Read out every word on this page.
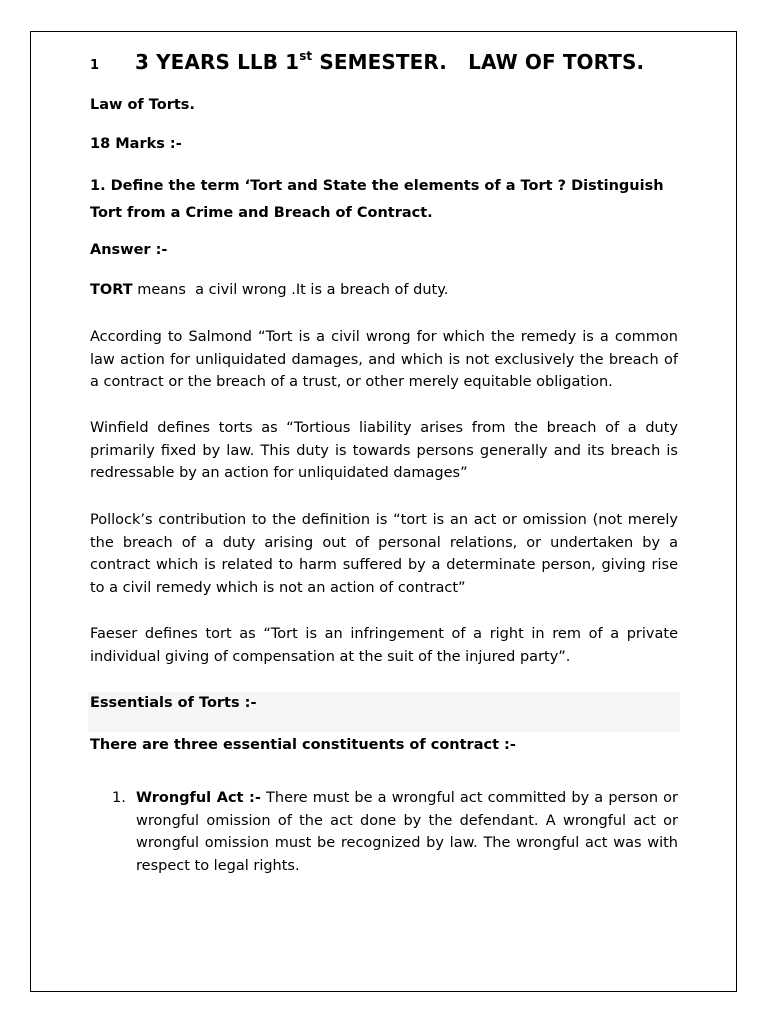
1 3 YEARS LLB 1st SEMESTER.   LAW OF TORTS.

Law of Torts.

18 Marks :-

1. Define the term ‘Tort and State the elements of a Tort ? Distinguish Tort from a Crime and Breach of Contract.

Answer :-

TORT means  a civil wrong .It is a breach of duty.

According to Salmond “Tort is a civil wrong for which the remedy is a common law action for unliquidated damages, and which is not exclusively the breach of a contract or the breach of a trust, or other merely equitable obligation.

Winfield defines torts as “Tortious liability arises from the breach of a duty primarily fixed by law. This duty is towards persons generally and its breach is redressable by an action for unliquidated damages”

Pollock’s contribution to the definition is “tort is an act or omission (not merely the breach of a duty arising out of personal relations, or undertaken by a contract which is related to harm suffered by a determinate person, giving rise to a civil remedy which is not an action of contract”

Faeser defines tort as “Tort is an infringement of a right in rem of a private individual giving of compensation at the suit of the injured party”.

Essentials of Torts :-

There are three essential constituents of contract :-

1. Wrongful Act :- There must be a wrongful act committed by a person or wrongful omission of the act done by the defendant. A wrongful act or wrongful omission must be recognized by law. The wrongful act was with respect to legal rights.
